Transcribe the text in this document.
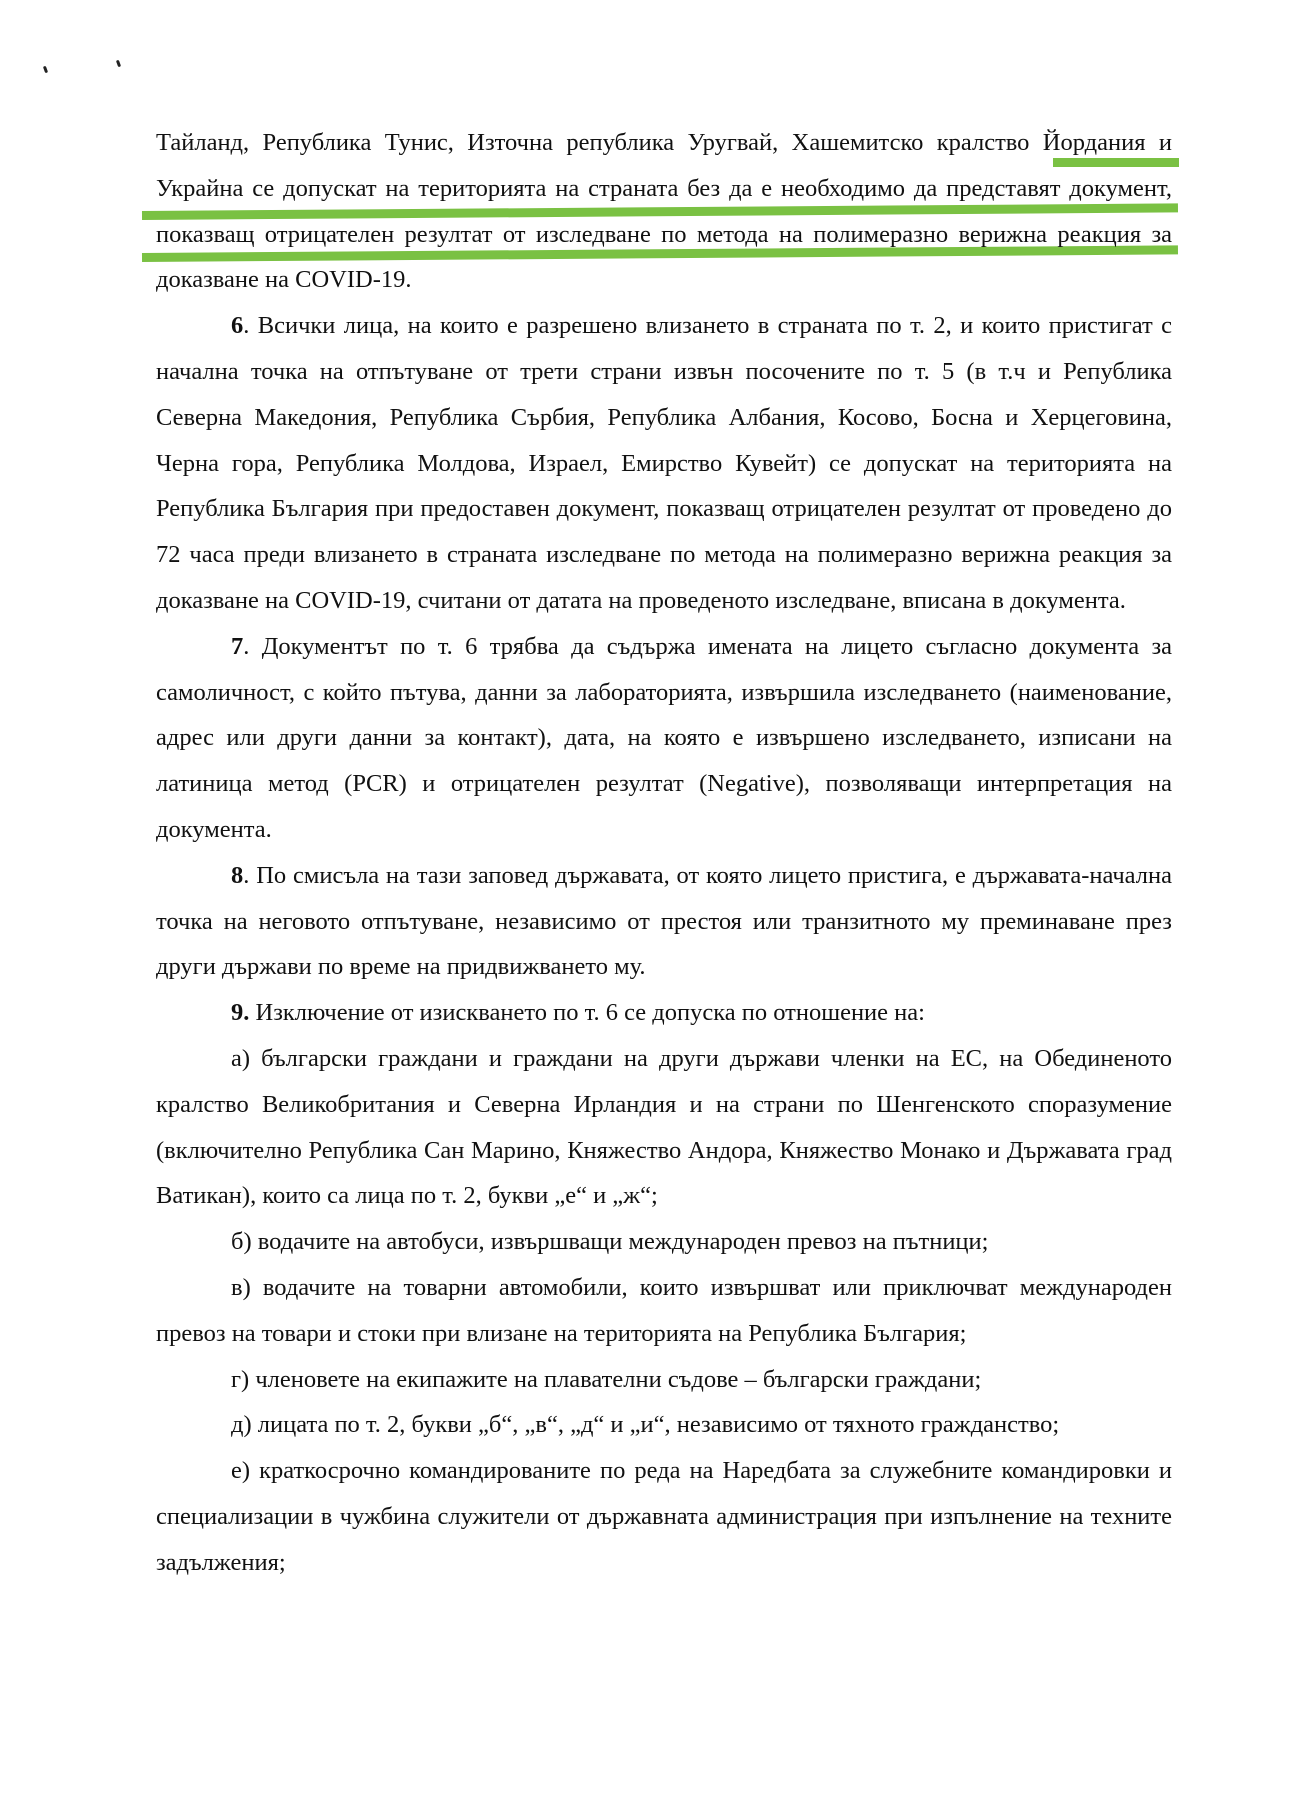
Тайланд, Република Тунис, Източна република Уругвай, Хашемитско кралство Йордания и Украйна се допускат на територията на страната без да е необходимо да представят документ, показващ отрицателен резултат от изследване по метода на полимеразно верижна реакция за доказване на COVID-19.

6. Всички лица, на които е разрешено влизането в страната по т. 2, и които пристигат с начална точка на отпътуване от трети страни извън посочените по т. 5 (в т.ч и Република Северна Македония, Република Сърбия, Република Албания, Косово, Босна и Херцеговина, Черна гора, Република Молдова, Израел, Емирство Кувейт) се допускат на територията на Република България при предоставен документ, показващ отрицателен резултат от проведено до 72 часа преди влизането в страната изследване по метода на полимеразно верижна реакция за доказване на COVID-19, считани от датата на проведеното изследване, вписана в документа.

7. Документът по т. 6 трябва да съдържа имената на лицето съгласно документа за самоличност, с който пътува, данни за лабораторията, извършила изследването (наименование, адрес или други данни за контакт), дата, на която е извършено изследването, изписани на латиница метод (PCR) и отрицателен резултат (Negative), позволяващи интерпретация на документа.

8. По смисъла на тази заповед държавата, от която лицето пристига, е държавата-начална точка на неговото отпътуване, независимо от престоя или транзитното му преминаване през други държави по време на придвижването му.

9. Изключение от изискването по т. 6 се допуска по отношение на:

а) български граждани и граждани на други държави членки на ЕС, на Обединеното кралство Великобритания и Северна Ирландия и на страни по Шенгенското споразумение (включително Република Сан Марино, Княжество Андора, Княжество Монако и Държавата град Ватикан), които са лица по т. 2, букви „е“ и „ж“;

б) водачите на автобуси, извършващи международен превоз на пътници;

в) водачите на товарни автомобили, които извършват или приключват международен превоз на товари и стоки при влизане на територията на Република България;

г) членовете на екипажите на плавателни съдове – български граждани;

д) лицата по т. 2, букви „б“, „в“, „д“ и „и“, независимо от тяхното гражданство;

е) краткосрочно командированите по реда на Наредбата за служебните командировки и специализации в чужбина служители от държавната администрация при изпълнение на техните задължения;
